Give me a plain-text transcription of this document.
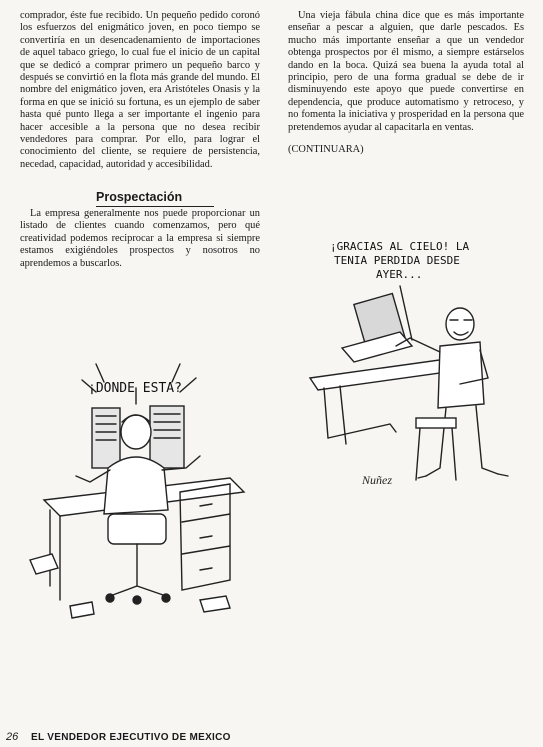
comprador, éste fue recibido. Un pequeño pedido coronó los esfuerzos del enigmático joven, en poco tiempo se convertiría en un desencadenamiento de importaciones de aquel tabaco griego, lo cual fue el inicio de un capital que se dedicó a comprar primero un pequeño barco y después se convirtió en la flota más grande del mundo. El nombre del enigmático joven, era Aristóteles Onasis y la forma en que se inició su fortuna, es un ejemplo de saber hasta qué punto llega a ser importante el ingenio para hacer accesible a la persona que no desea recibir vendedores para comprar. Por ello, para lograr el conocimiento del cliente, se requiere de persistencia, necedad, capacidad, autoridad y accesibilidad.

Prospectación

La empresa generalmente nos puede proporcionar un listado de clientes cuando comenzamos, pero qué creatividad podemos reciprocar a la empresa si siempre estamos exigiéndoles prospectos y nosotros no aprendemos a buscarlos.

Una vieja fábula china dice que es más importante enseñar a pescar a alguien, que darle pescados. Es mucho más importante enseñar a que un vendedor obtenga prospectos por él mismo, a siempre estárselos dando en la boca. Quizá sea buena la ayuda total al principio, pero de una forma gradual se debe de ir disminuyendo este apoyo que puede convertirse en dependencia, que produce automatismo y retroceso, y no fomenta la iniciativa y prosperidad en la persona que pretendemos ayudar al capacitarla en ventas.

(CONTINUARA)

¡DONDE ESTA?
¡GRACIAS AL CIELO! LA
TENIA PERDIDA DESDE
AYER...
Nuñez
26 EL VENDEDOR EJECUTIVO DE MEXICO
